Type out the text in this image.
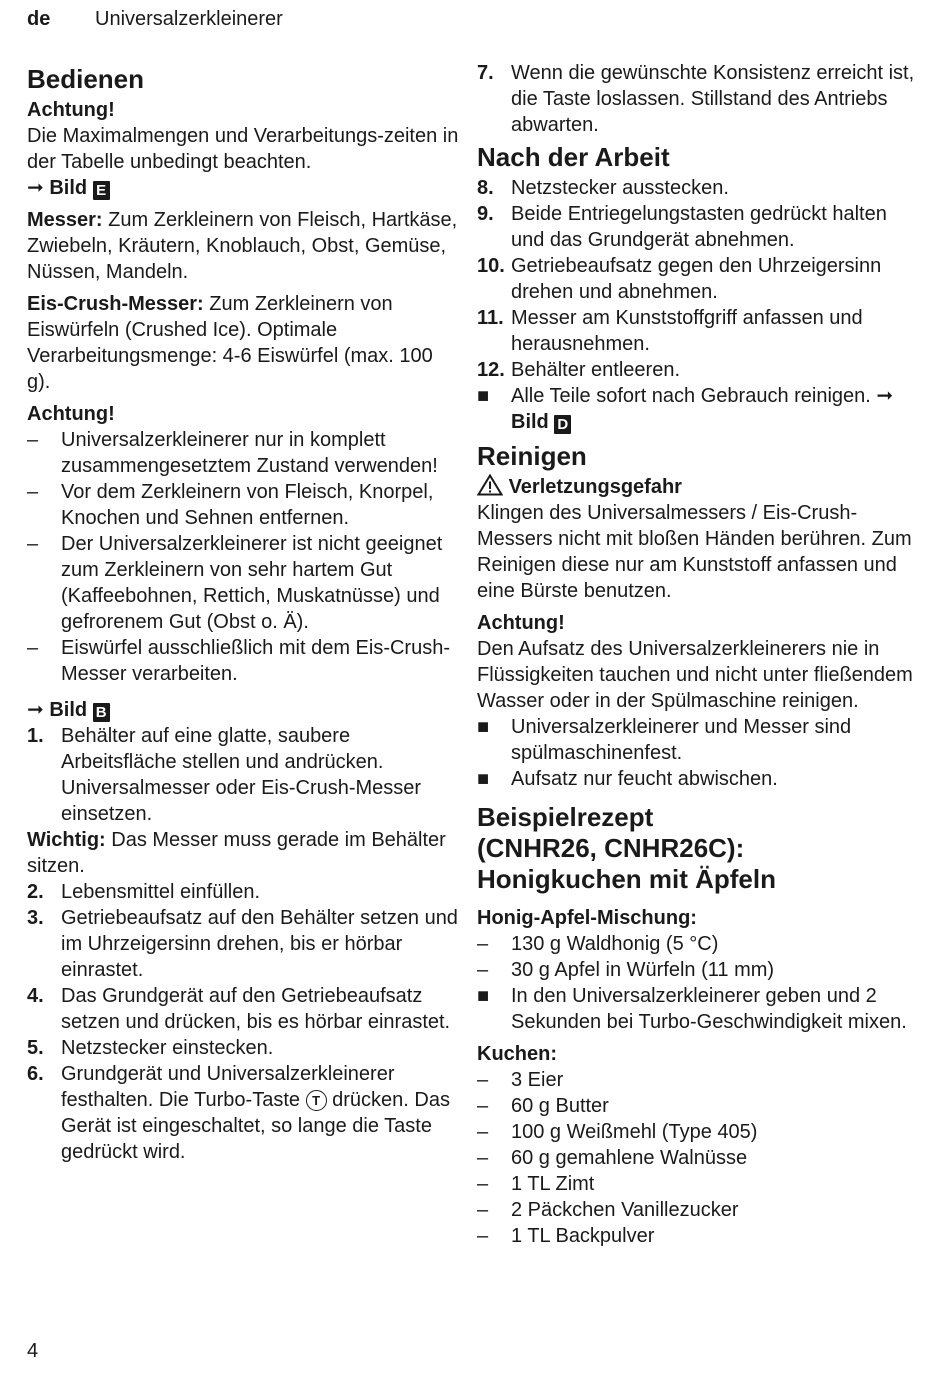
de Universalzerkleinerer
Bedienen

Achtung!

Die Maximalmengen und Verarbeitungs-zeiten in der Tabelle unbedingt beachten.

➞ Bild E

Messer: Zum Zerkleinern von Fleisch, Hartkäse, Zwiebeln, Kräutern, Knoblauch, Obst, Gemüse, Nüssen, Mandeln.

Eis-Crush-Messer: Zum Zerkleinern von Eiswürfeln (Crushed Ice). Optimale Verarbeitungsmenge: 4-6 Eiswürfel (max. 100 g).

Achtung!

–	Universalzerkleinerer nur in komplett zusammengesetztem Zustand verwenden!
–	Vor dem Zerkleinern von Fleisch, Knorpel, Knochen und Sehnen entfernen.
–	Der Universalzerkleinerer ist nicht geeignet zum Zerkleinern von sehr hartem Gut (Kaffeebohnen, Rettich, Muskatnüsse) und gefrorenem Gut (Obst o. Ä).
–	Eiswürfel ausschließlich mit dem Eis-Crush-Messer verarbeiten.

➞ Bild B

1. Behälter auf eine glatte, saubere Arbeitsfläche stellen und andrücken. Universalmesser oder Eis-Crush-Messer einsetzen.

Wichtig: Das Messer muss gerade im Behälter sitzen.

2. Lebensmittel einfüllen.
3. Getriebeaufsatz auf den Behälter setzen und im Uhrzeigersinn drehen, bis er hörbar einrastet.
4. Das Grundgerät auf den Getriebeaufsatz setzen und drücken, bis es hörbar einrastet.
5. Netzstecker einstecken.
6. Grundgerät und Universalzerkleinerer festhalten. Die Turbo-Taste T drücken. Das Gerät ist eingeschaltet, so lange die Taste gedrückt wird.
7. Wenn die gewünschte Konsistenz erreicht ist, die Taste loslassen. Stillstand des Antriebs abwarten.
Nach der Arbeit
8. Netzstecker ausstecken.
9. Beide Entriegelungstasten gedrückt halten und das Grundgerät abnehmen.
10. Getriebeaufsatz gegen den Uhrzeigersinn drehen und abnehmen.
11. Messer am Kunststoffgriff anfassen und herausnehmen.
12. Behälter entleeren.
■	Alle Teile sofort nach Gebrauch reinigen. ➞ Bild D
Reinigen

Verletzungsgefahr

Klingen des Universalmessers / Eis-Crush-Messers nicht mit bloßen Händen berühren. Zum Reinigen diese nur am Kunststoff anfassen und eine Bürste benutzen.

Achtung!

Den Aufsatz des Universalzerkleinerers nie in Flüssigkeiten tauchen und nicht unter fließendem Wasser oder in der Spülmaschine reinigen.

■	Universalzerkleinerer und Messer sind spülmaschinenfest.
■	Aufsatz nur feucht abwischen.
Beispielrezept
(CNHR26, CNHR26C):
Honigkuchen mit Äpfeln

Honig-Apfel-Mischung:

–	130 g Waldhonig (5 °C)
–	30 g Apfel in Würfeln (11 mm)
■	In den Universalzerkleinerer geben und 2 Sekunden bei Turbo-Geschwindigkeit mixen.

Kuchen:

–	3 Eier
–	60 g Butter
–	100 g Weißmehl (Type 405)
–	60 g gemahlene Walnüsse
–	1 TL Zimt
–	2 Päckchen Vanillezucker
–	1 TL Backpulver
4
